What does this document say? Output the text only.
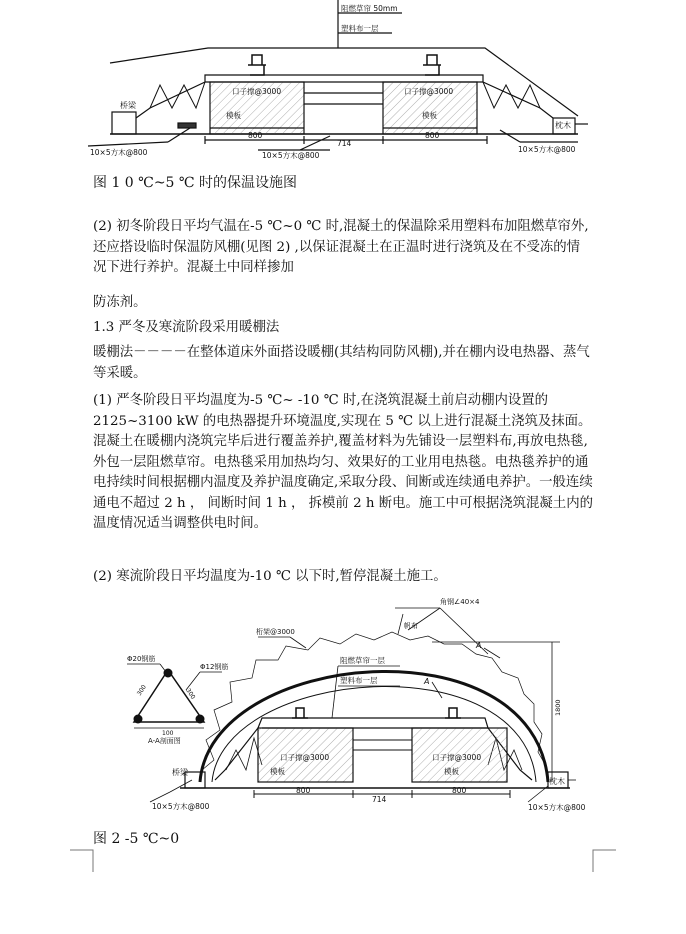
阻燃草帘 50mm
塑料布一层
桥梁
口子撑@3000	口子撑@3000
模板	模板
枕木
800
714
800
10×5方木@800	10×5方木@800
10×5方木@800
图 1 0 ℃~5 ℃ 时的保温设施图

(2) 初冬阶段日平均气温在-5 ℃~0 ℃ 时,混凝土的保温除采用塑料布加阻燃草帘外,还应搭设临时保温防风棚(见图 2) ,以保证混凝土在正温时进行浇筑及在不受冻的情况下进行养护。混凝土中同样掺加

防冻剂。
1.3 严冬及寒流阶段采用暖棚法

暖棚法－－－－在整体道床外面搭设暖棚(其结构同防风棚),并在棚内设电热器、蒸气等采暖。

(1) 严冬阶段日平均温度为-5 ℃~ -10 ℃ 时,在浇筑混凝土前启动棚内设置的 2125~3100 kW 的电热器提升环境温度,实现在 5 ℃ 以上进行混凝土浇筑及抹面。混凝土在暖棚内浇筑完毕后进行覆盖养护,覆盖材料为先铺设一层塑料布,再放电热毯,外包一层阻燃草帘。电热毯采用加热均匀、效果好的工业用电热毯。电热毯养护的通电持续时间根据棚内温度及养护温度确定,采取分段、间断或连续通电养护。一般连续通电不超过 2 h ， 间断时间 1 h ， 拆模前 2 h 断电。施工中可根据浇筑混凝土内的温度情况适当调整供电时间。

(2) 寒流阶段日平均温度为-10 ℃ 以下时,暂停混凝土施工。
角钢∠40×4
桁架@3000
帆布
Φ20钢筋
Φ12钢筋
300	300
100
A-A剖面图
阻燃草帘一层
塑料布一层
1800
桥梁
口子撑@3000	口子撑@3000
模板	模板
枕木
800
714
800
10×5方木@800	10×5方木@800
A
A
图 2 -5 ℃~0
